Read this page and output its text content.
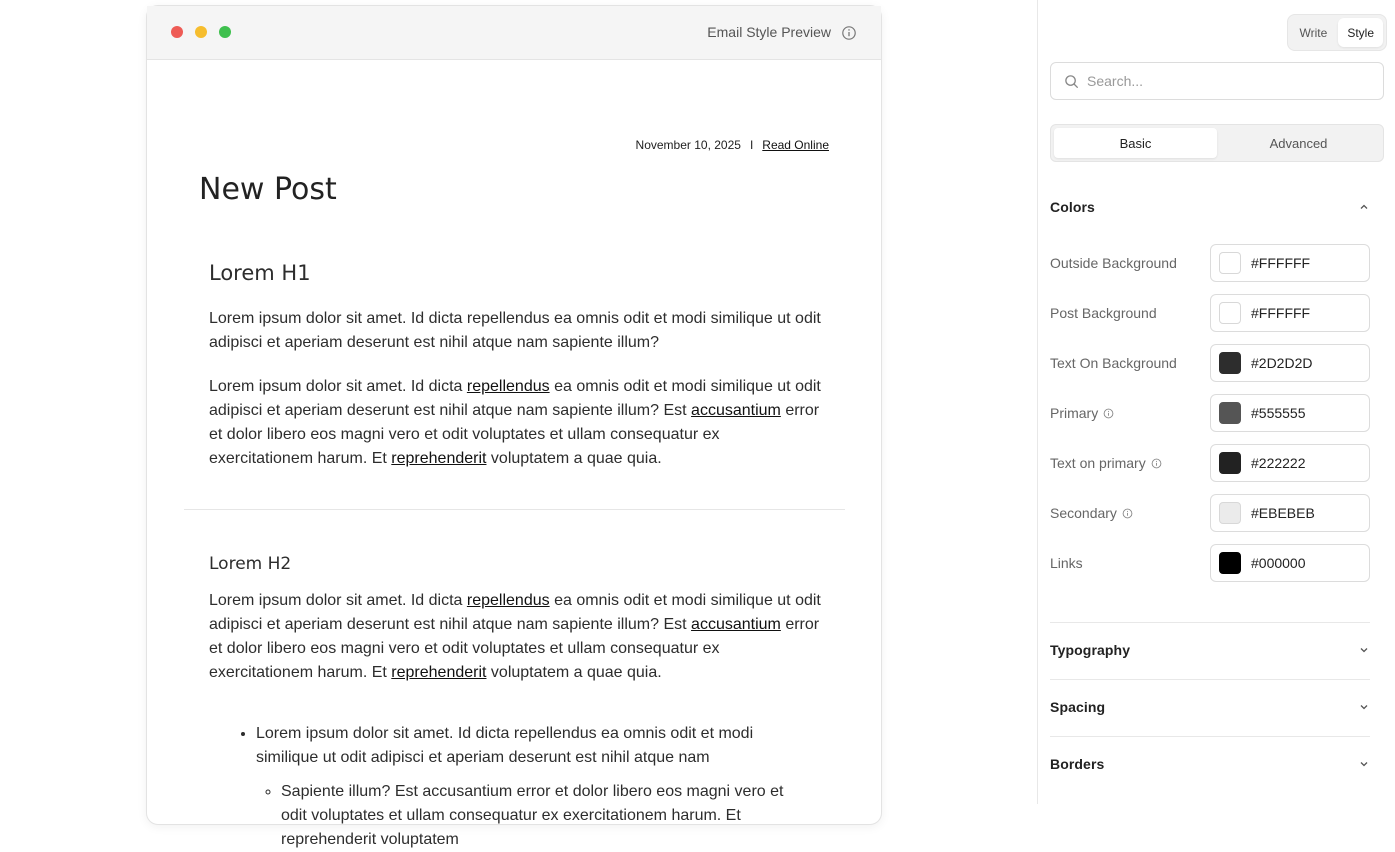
Email Style Preview
November 10, 2025 I Read Online
New Post
Lorem H1

Lorem ipsum dolor sit amet. Id dicta repellendus ea omnis odit et modi similique ut odit adipisci et aperiam deserunt est nihil atque nam sapiente illum?

Lorem ipsum dolor sit amet. Id dicta repellendus ea omnis odit et modi similique ut odit adipisci et aperiam deserunt est nihil atque nam sapiente illum? Est accusantium error et dolor libero eos magni vero et odit voluptates et ullam consequatur ex exercitationem harum. Et reprehenderit voluptatem a quae quia.

Lorem H2

Lorem ipsum dolor sit amet. Id dicta repellendus ea omnis odit et modi similique ut odit adipisci et aperiam deserunt est nihil atque nam sapiente illum? Est accusantium error et dolor libero eos magni vero et odit voluptates et ullam consequatur ex exercitationem harum. Et reprehenderit voluptatem a quae quia.

• Lorem ipsum dolor sit amet. Id dicta repellendus ea omnis odit et modi similique ut odit adipisci et aperiam deserunt est nihil atque nam
◦ Sapiente illum? Est accusantium error et dolor libero eos magni vero et odit voluptates et ullam consequatur ex exercitationem harum. Et reprehenderit voluptatem
Write	Style
Search...
Basic	Advanced
Colors
Outside Background	#FFFFFF
Post Background	#FFFFFF
Text On Background	#2D2D2D
Primary	#555555
Text on primary	#222222
Secondary	#EBEBEB
Links	#000000
Typography
Spacing
Borders
